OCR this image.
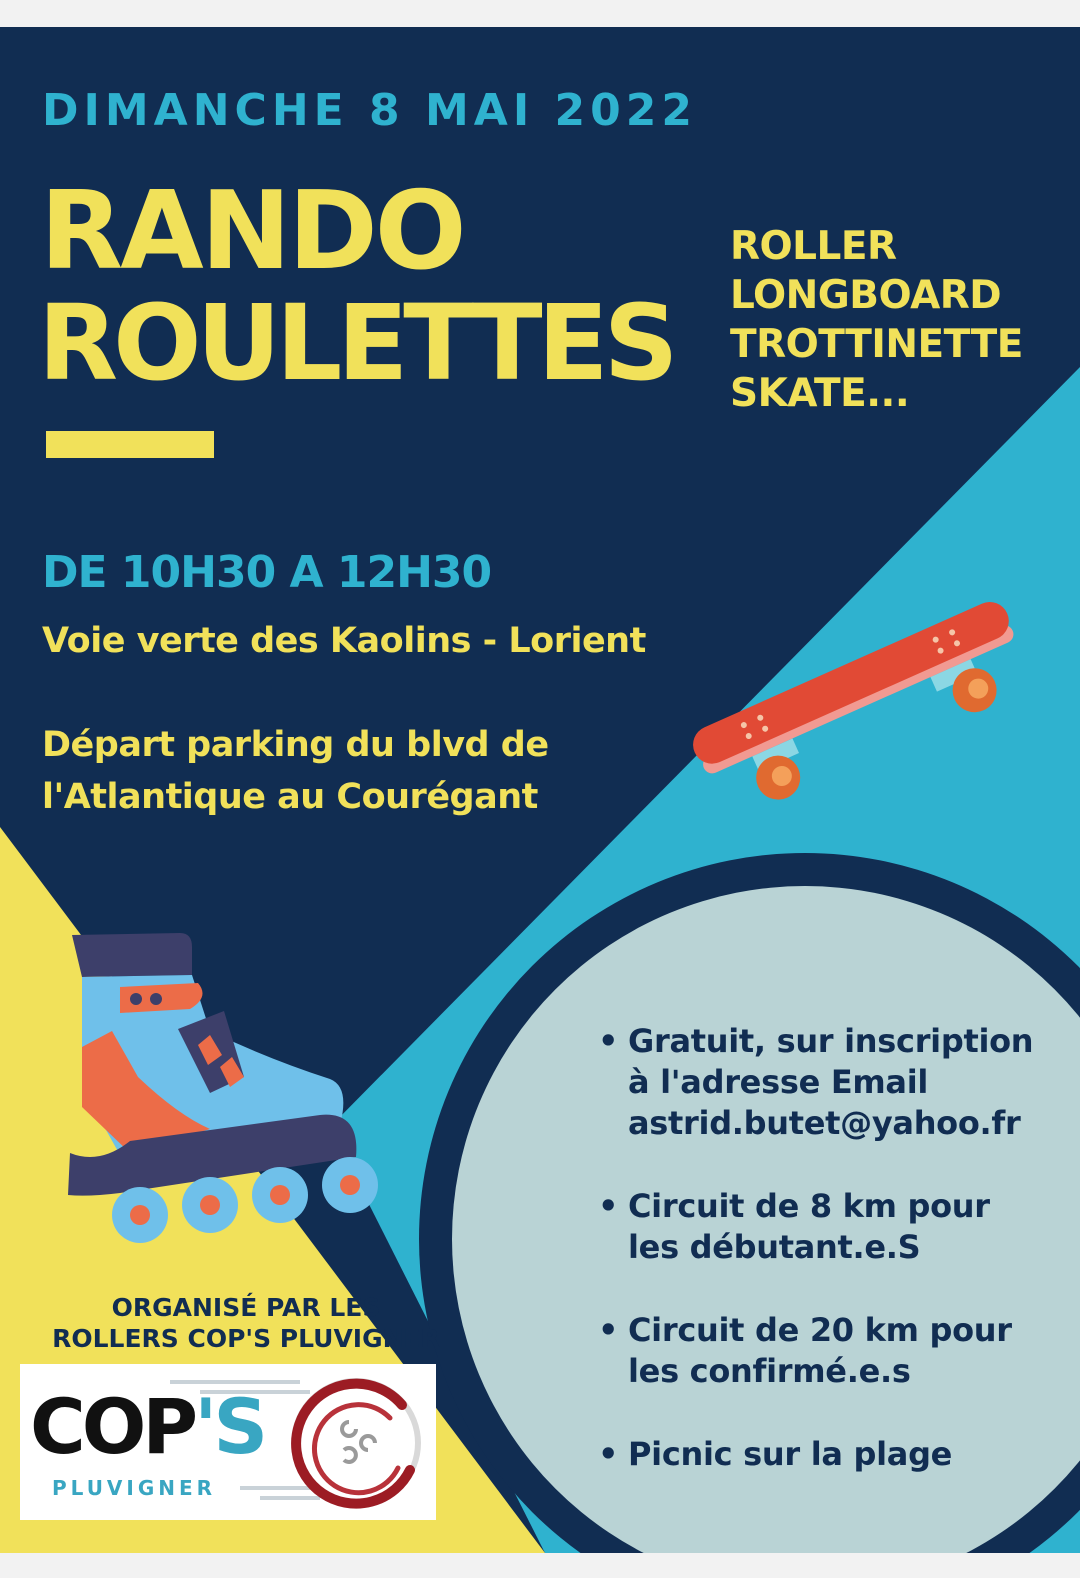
DIMANCHE 8 MAI 2022

RANDO

ROULETTES

ROLLER
LONGBOARD
TROTTINETTE
SKATE...

DE 10H30 A 12H30

Voie verte des Kaolins - Lorient

Départ parking du blvd de

l'Atlantique au Courégant

• Gratuit, sur inscription
à l'adresse Email
astrid.butet@yahoo.fr
• Circuit de 8 km pour
les débutant.e.S
• Circuit de 20 km pour
les confirmé.e.s
• Picnic sur la plage
ORGANISÉ PAR LES
ROLLERS COP'S PLUVIGNER
COP'S
PLUVIGNER
